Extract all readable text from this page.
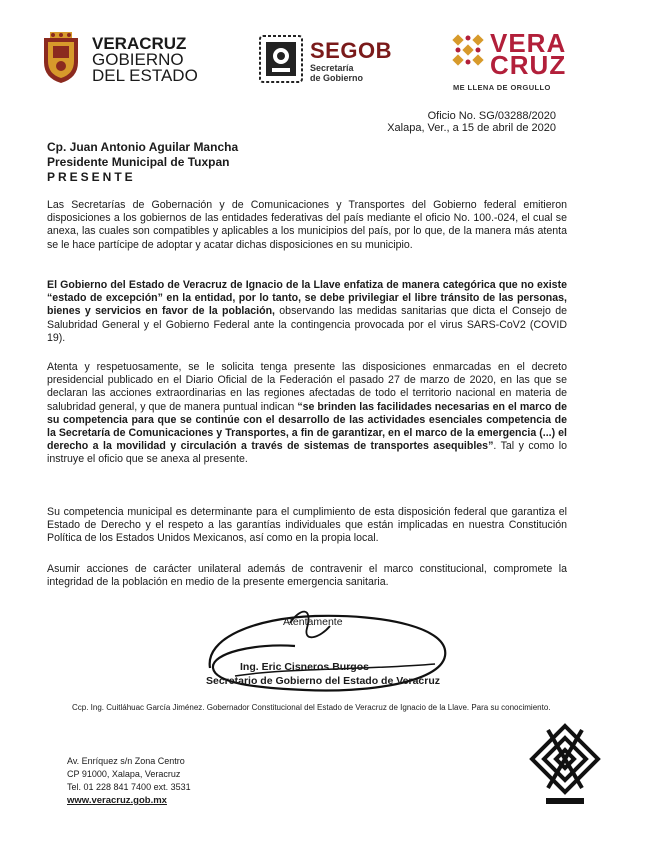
VERACRUZ
GOBIERNO
DEL ESTADO
SEGOB
Secretaría
de Gobierno
VERA
CRUZ
ME LLENA DE ORGULLO
Oficio No. SG/03288/2020
Xalapa, Ver., a 15 de abril de 2020
Cp. Juan Antonio Aguilar Mancha
Presidente Municipal de Tuxpan
PRESENTE
Las Secretarías de Gobernación y de Comunicaciones y Transportes del Gobierno federal emitieron disposiciones a los gobiernos de las entidades federativas del país mediante el oficio No. 100.-024, el cual se anexa, las cuales son compatibles y aplicables a los municipios del país, por lo que, de la manera más atenta se le hace partícipe de adoptar y acatar dichas disposiciones en su municipio.
El Gobierno del Estado de Veracruz de Ignacio de la Llave enfatiza de manera categórica que no existe “estado de excepción” en la entidad, por lo tanto, se debe privilegiar el libre tránsito de las personas, bienes y servicios en favor de la población, observando las medidas sanitarias que dicta el Consejo de Salubridad General y el Gobierno Federal ante la contingencia provocada por el virus SARS-CoV2 (COVID 19).
Atenta y respetuosamente, se le solicita tenga presente las disposiciones enmarcadas en el decreto presidencial publicado en el Diario Oficial de la Federación el pasado 27 de marzo de 2020, en las que se declaran las acciones extraordinarias en las regiones afectadas de todo el territorio nacional en materia de salubridad general, y que de manera puntual indican “se brinden las facilidades necesarias en el marco de su competencia para que se continúe con el desarrollo de las actividades esenciales competencia de la Secretaría de Comunicaciones y Transportes, a fin de garantizar, en el marco de la emergencia (...) el derecho a la movilidad y circulación a través de sistemas de transportes asequibles”. Tal y como lo instruye el oficio que se anexa al presente.
Su competencia municipal es determinante para el cumplimiento de esta disposición federal que garantiza el Estado de Derecho y el respeto a las garantías individuales que están implicadas en nuestra Constitución Política de los Estados Unidos Mexicanos, así como en la propia local.
Asumir acciones de carácter unilateral además de contravenir el marco constitucional, compromete la integridad de la población en medio de la presente emergencia sanitaria.
Atentamente
Ing. Eric Cisneros Burgos
Secretario de Gobierno del Estado de Veracruz
Ccp. Ing. Cuitláhuac García Jiménez. Gobernador Constitucional del Estado de Veracruz de Ignacio de la Llave. Para su conocimiento.
Av. Enríquez s/n Zona Centro
CP 91000, Xalapa, Veracruz
Tel. 01 228 841 7400 ext. 3531
www.veracruz.gob.mx
